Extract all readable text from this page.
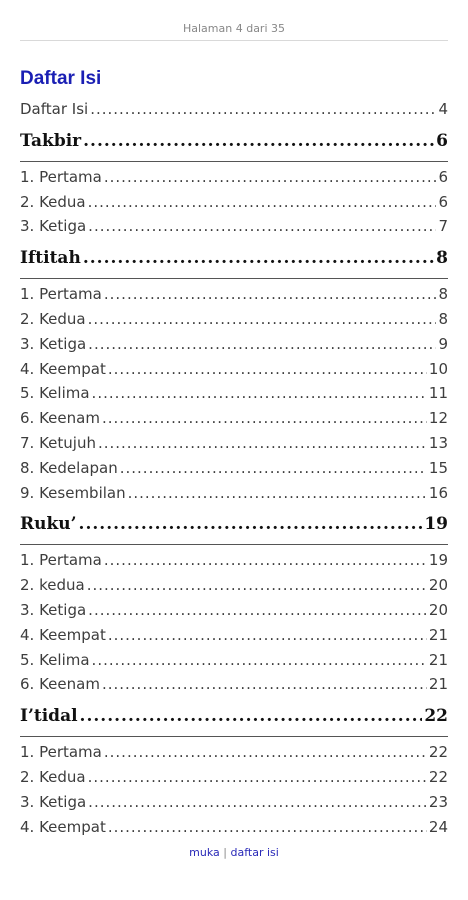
Halaman 4 dari 35
Daftar Isi
Daftar Isi .....	4
Takbir .....	6
1. Pertama .....	6
2. Kedua .....	6
3. Ketiga .....	7
Iftitah .....	8
1. Pertama .....	8
2. Kedua .....	8
3. Ketiga .....	9
4. Keempat .....	10
5. Kelima .....	11
6. Keenam .....	12
7. Ketujuh .....	13
8. Kedelapan .....	15
9. Kesembilan .....	16
Ruku’ .....	19
1. Pertama .....	19
2. kedua .....	20
3. Ketiga .....	20
4. Keempat .....	21
5. Kelima .....	21
6. Keenam .....	21
I’tidal .....	22
1. Pertama .....	22
2. Kedua .....	22
3. Ketiga .....	23
4. Keempat .....	24
muka | daftar isi
